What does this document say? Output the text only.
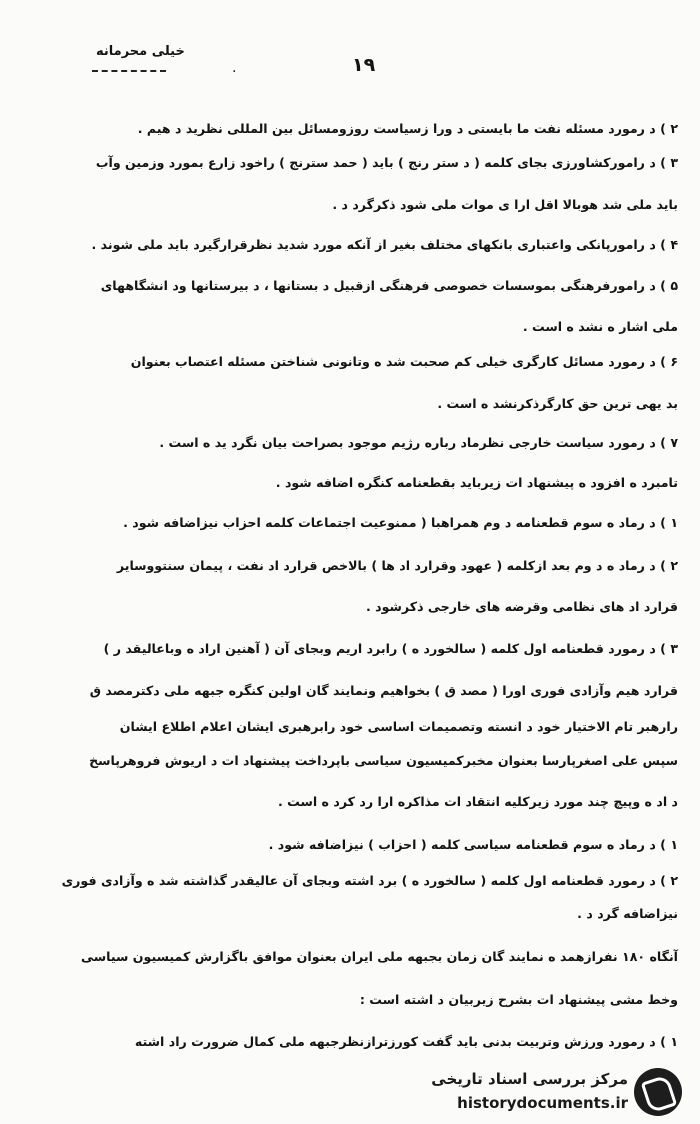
خیلی محرمانه
.	۱۹
۲ ) د رمورد مسئله نفت ما بایستی د ورا زسیاست روزومسائل بین المللی نظرید د هیم .
۳ ) د رامورکشاورزی بجای کلمه ( د ستر رنج ) باید ( حمد سترنج ) راخود زارع بمورد وزمین وآب
باید ملی شد هوبالا اقل ارا ی موات ملی شود ذکرگرد د .
۴ ) د رامورپانکی واعتباری بانکهای مختلف بغیر از آنکه مورد شدید نظرقرارگیرد باید ملی شوند .
۵ ) د رامورفرهنگی بموسسات خصوصی فرهنگی ازقبیل د بستانها ، د بیرستانها ود انشگاههای
ملی اشار ه نشد ه است .
۶ ) د رمورد مسائل کارگری خیلی کم صحبت شد ه وتانونی شناختن مسئله اعتصاب بعنوان
بد یهی ترین حق کارگرذکرنشد ه است .
۷ ) د رمورد سیاست خارجی نظرماد رباره رژیم موجود بصراحت بیان نگرد ید ه است .
تامبرد ه افزود ه پیشنهاد ات زیرباید بقطعنامه کنگره اضافه شود .
۱ ) د رماد ه سوم قطعنامه د وم همراهبا ( ممنوعیت اجتماعات کلمه احزاب نیزاضافه شود .
۲ ) د رماد ه د وم بعد ازکلمه ( عهود وقرارد اد ها ) بالاخص قرارد اد نفت ، پیمان سنتووسایر
قرارد اد های نظامی وقرضه های خارجی ذکرشود .
۳ ) د رمورد قطعنامه اول کلمه ( سالخورد ه ) رابرد اریم وبجای آن ( آهنین اراد ه وباعالیقد ر )
قرارد هیم وآزادی فوری اورا ( مصد ق ) بخواهیم ونمایند گان اولین کنگره جبهه ملی دکترمصد ق
رارهبر تام الاختیار خود د انسته وتصمیمات اساسی خود رابرهبری ایشان اعلام اطلاع ایشان
سپس علی اصغرپارسا بعنوان مخبرکمیسیون سیاسی باپرداخت پیشنهاد ات د اریوش فروهرپاسخ
د اد ه وپیچ چند مورد زیرکلیه انتقاد ات مذاکره ارا رد کرد ه است .
۱ ) د رماد ه سوم قطعنامه سیاسی کلمه ( احزاب ) نیزاضافه شود .
۲ ) د رمورد قطعنامه اول کلمه ( سالخورد ه ) برد اشته وبجای آن عالیقدر گذاشته شد ه وآزادی فوری
نیزاضافه گرد د .
آنگاه ۱۸۰ نفرازهمد ه نمایند گان زمان بجبهه ملی ایران بعنوان موافق باگزارش کمیسیون سیاسی
وخط مشی پیشنهاد ات بشرح زیربیان د اشته است :
۱ ) د رمورد ورزش وتربیت بدنی باید گفت کورزترازنظرجبهه ملی کمال ضرورت راد اشته
مرکز بررسی اسناد تاریخی
historydocuments.ir
